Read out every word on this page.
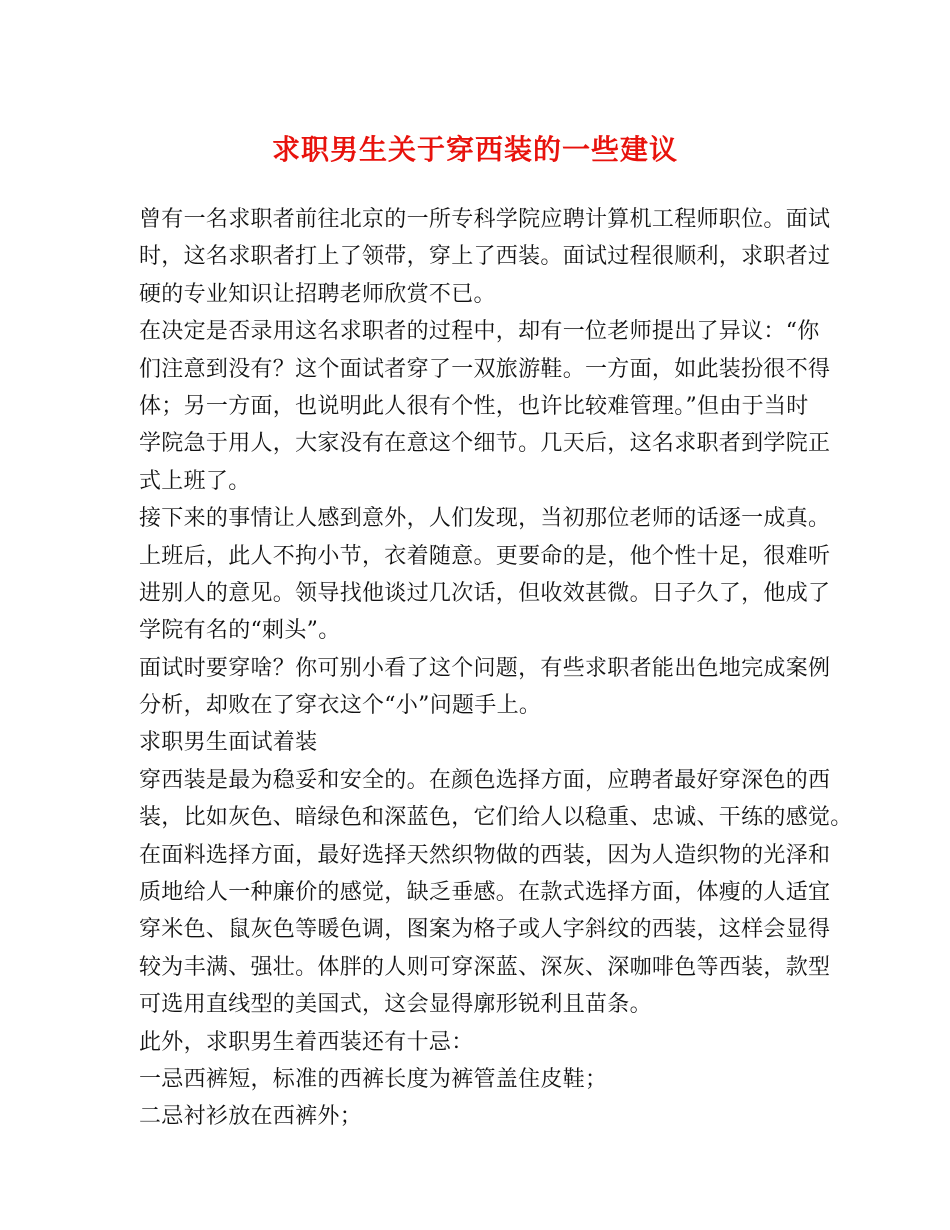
求职男生关于穿西装的一些建议
曾有一名求职者前往北京的一所专科学院应聘计算机工程师职位。面试
时，这名求职者打上了领带，穿上了西装。面试过程很顺利，求职者过
硬的专业知识让招聘老师欣赏不已。
在决定是否录用这名求职者的过程中，却有一位老师提出了异议：“你
们注意到没有？这个面试者穿了一双旅游鞋。一方面，如此装扮很不得
体；另一方面，也说明此人很有个性，也许比较难管理。”但由于当时
学院急于用人，大家没有在意这个细节。几天后，这名求职者到学院正
式上班了。
接下来的事情让人感到意外，人们发现，当初那位老师的话逐一成真。
上班后，此人不拘小节，衣着随意。更要命的是，他个性十足，很难听
进别人的意见。领导找他谈过几次话，但收效甚微。日子久了，他成了
学院有名的“刺头”。
面试时要穿啥？你可别小看了这个问题，有些求职者能出色地完成案例
分析，却败在了穿衣这个“小”问题手上。
求职男生面试着装
穿西装是最为稳妥和安全的。在颜色选择方面，应聘者最好穿深色的西
装，比如灰色、暗绿色和深蓝色，它们给人以稳重、忠诚、干练的感觉。
在面料选择方面，最好选择天然织物做的西装，因为人造织物的光泽和
质地给人一种廉价的感觉，缺乏垂感。在款式选择方面，体瘦的人适宜
穿米色、鼠灰色等暖色调，图案为格子或人字斜纹的西装，这样会显得
较为丰满、强壮。体胖的人则可穿深蓝、深灰、深咖啡色等西装，款型
可选用直线型的美国式，这会显得廓形锐利且苗条。
此外，求职男生着西装还有十忌：
一忌西裤短，标准的西裤长度为裤管盖住皮鞋；
二忌衬衫放在西裤外；
